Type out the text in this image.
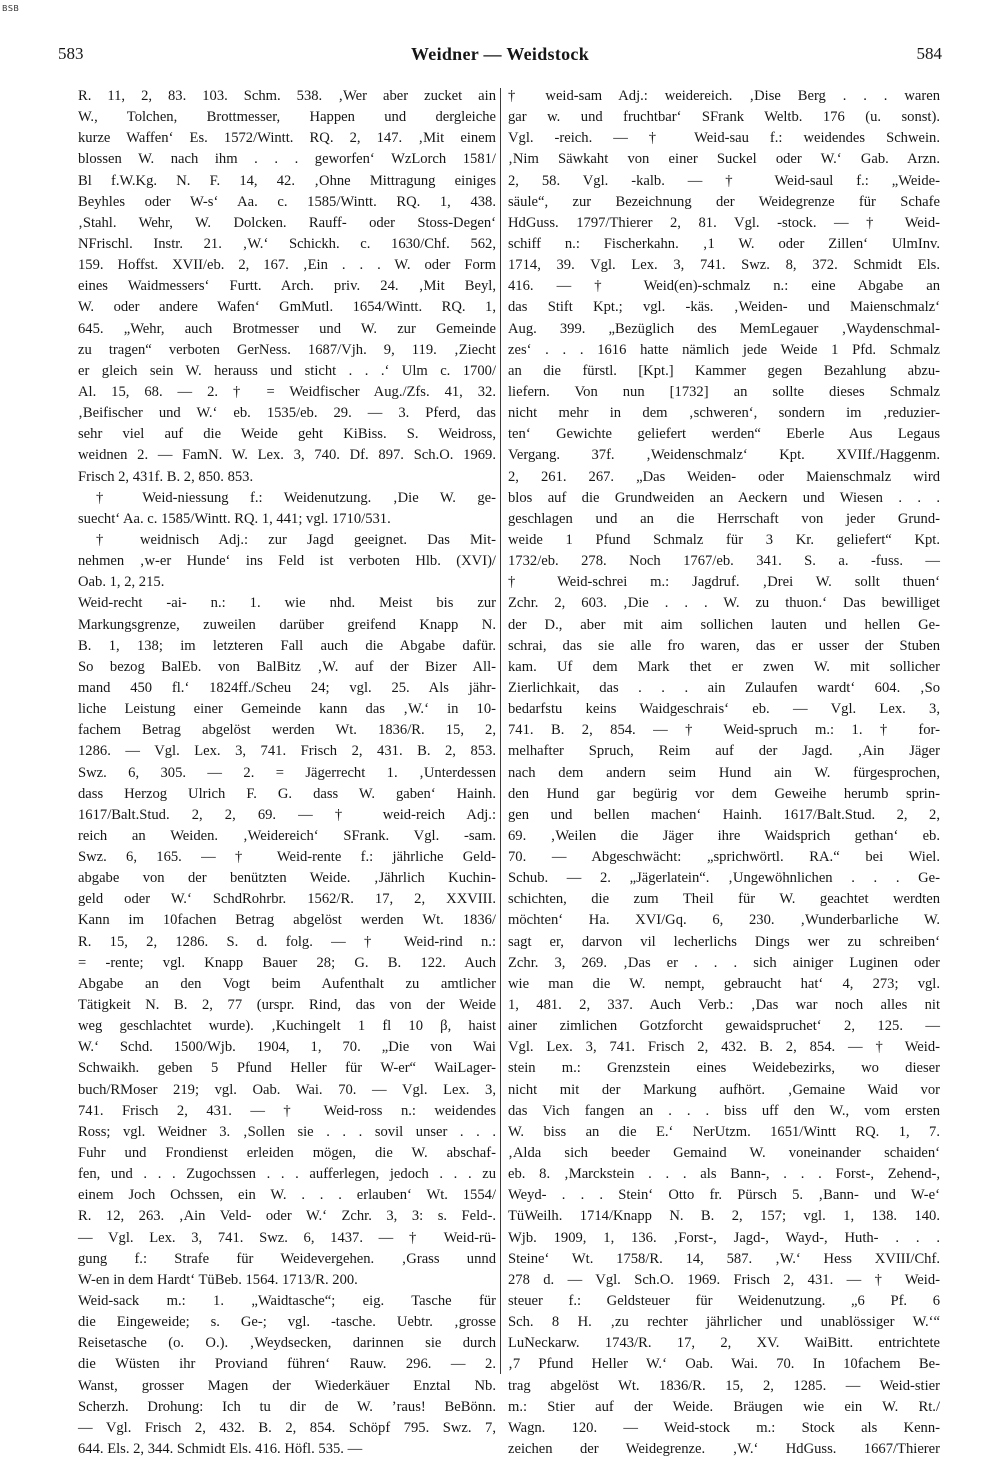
BSB
583	Weidner — Weidstock	584
R. 11, 2, 83. 103. Schm. 538. ‚Wer aber zucket ain
W., Tolchen, Brottmesser, Happen und dergleiche
kurze Waffen‘ Es. 1572/Wintt. RQ. 2, 147. ‚Mit einem
blossen W. nach ihm . . . geworfen‘ WzLorch 1581/
Bl f.W.Kg. N. F. 14, 42. ‚Ohne Mittragung einiges
Beyhles oder W-s‘ Aa. c. 1585/Wintt. RQ. 1, 438.
‚Stahl. Wehr, W. Dolcken. Rauff- oder Stoss-Degen‘
NFrischl. Instr. 21. ‚W.‘ Schickh. c. 1630/Chf. 562,
159. Hoffst. XVII/eb. 2, 167. ‚Ein . . . W. oder Form
eines Waidmessers‘ Furtt. Arch. priv. 24. ‚Mit Beyl,
W. oder andere Wafen‘ GmMutl. 1654/Wintt. RQ. 1,
645. „Wehr, auch Brotmesser und W. zur Gemeinde
zu tragen“ verboten GerNess. 1687/Vjh. 9, 119. ‚Ziecht
er gleich sein W. herauss und sticht . . .‘ Ulm c. 1700/
Al. 15, 68. — 2. † = Weidfischer Aug./Zfs. 41, 32.
‚Beifischer und W.‘ eb. 1535/eb. 29. — 3. Pferd, das
sehr viel auf die Weide geht KiBiss. S. Weidross,
weidnen 2. — FamN. W. Lex. 3, 740. Df. 897. Sch.O. 1969.
Frisch 2, 431f. B. 2, 850. 853.
† Weid-niessung f.: Weidenutzung. ‚Die W. ge-
suecht‘ Aa. c. 1585/Wintt. RQ. 1, 441; vgl. 1710/531.
† weidnisch Adj.: zur Jagd geeignet. Das Mit-
nehmen ‚w-er Hunde‘ ins Feld ist verboten Hlb. (XVI)/
Oab. 1, 2, 215.
Weid-recht -ai- n.: 1. wie nhd. Meist bis zur
Markungsgrenze, zuweilen darüber greifend Knapp N.
B. 1, 138; im letzteren Fall auch die Abgabe dafür.
So bezog BalEb. von BalBitz ‚W. auf der Bizer All-
mand 450 fl.‘ 1824ff./Scheu 24; vgl. 25. Als jähr-
liche Leistung einer Gemeinde kann das ‚W.‘ in 10-
fachem Betrag abgelöst werden Wt. 1836/R. 15, 2,
1286. — Vgl. Lex. 3, 741. Frisch 2, 431. B. 2, 853.
Swz. 6, 305. — 2. = Jägerrecht 1. ‚Unterdessen
dass Herzog Ulrich F. G. dass W. gaben‘ Hainh.
1617/Balt.Stud. 2, 2, 69. — † weid-reich Adj.:
reich an Weiden. ‚Weidereich‘ SFrank. Vgl. -sam.
Swz. 6, 165. — † Weid-rente f.: jährliche Geld-
abgabe von der benützten Weide. ‚Jährlich Kuchin-
geld oder W.‘ SchdRohrbr. 1562/R. 17, 2, XXVIII.
Kann im 10fachen Betrag abgelöst werden Wt. 1836/
R. 15, 2, 1286. S. d. folg. — † Weid-rind n.:
= -rente; vgl. Knapp Bauer 28; G. B. 122. Auch
Abgabe an den Vogt beim Aufenthalt zu amtlicher
Tätigkeit N. B. 2, 77 (urspr. Rind, das von der Weide
weg geschlachtet wurde). ‚Kuchingelt 1 fl 10 β, haist
W.‘ Schd. 1500/Wjb. 1904, 1, 70. „Die von Wai
Schwaikh. geben 5 Pfund Heller für W-er“ WaiLager-
buch/RMoser 219; vgl. Oab. Wai. 70. — Vgl. Lex. 3,
741. Frisch 2, 431. — † Weid-ross n.: weidendes
Ross; vgl. Weidner 3. ‚Sollen sie . . . sovil unser . . .
Fuhr und Frondienst erleiden mögen, die W. abschaf-
fen, und . . . Zugochssen . . . aufferlegen, jedoch . . . zu
einem Joch Ochssen, ein W. . . . erlauben‘ Wt. 1554/
R. 12, 263. ‚Ain Veld- oder W.‘ Zchr. 3, 3: s. Feld-.
— Vgl. Lex. 3, 741. Swz. 6, 1437. — † Weid-rü-
gung f.: Strafe für Weidevergehen. ‚Grass unnd
W-en in dem Hardt‘ TüBeb. 1564. 1713/R. 200.
Weid-sack m.: 1. „Waidtasche“; eig. Tasche für
die Eingeweide; s. Ge-; vgl. -tasche. Uebtr. ‚grosse
Reisetasche (o. O.). ‚Weydsecken, darinnen sie durch
die Wüsten ihr Proviand führen‘ Rauw. 296. — 2.
Wanst, grosser Magen der Wiederkäuer Enztal Nb.
Scherzh. Drohung: Ich tu dir de W. ’raus! BeBönn.
— Vgl. Frisch 2, 432. B. 2, 854. Schöpf 795. Swz. 7,
644. Els. 2, 344. Schmidt Els. 416. Höfl. 535. —
† weid-sam Adj.: weidereich. ‚Dise Berg . . . waren
gar w. und fruchtbar‘ SFrank Weltb. 176 (u. sonst).
Vgl. -reich. — † Weid-sau f.: weidendes Schwein.
‚Nim Säwkaht von einer Suckel oder W.‘ Gab. Arzn.
2, 58. Vgl. -kalb. — † Weid-saul f.: „Weide-
säule“, zur Bezeichnung der Weidegrenze für Schafe
HdGuss. 1797/Thierer 2, 81. Vgl. -stock. — † Weid-
schiff n.: Fischerkahn. ‚1 W. oder Zillen‘ UlmInv.
1714, 39. Vgl. Lex. 3, 741. Swz. 8, 372. Schmidt Els.
416. — † Weid(en)-schmalz n.: eine Abgabe an
das Stift Kpt.; vgl. -käs. ‚Weiden- und Maienschmalz‘
Aug. 399. „Bezüglich des MemLegauer ‚Waydenschmal-
zes‘ . . . 1616 hatte nämlich jede Weide 1 Pfd. Schmalz
an die fürstl. [Kpt.] Kammer gegen Bezahlung abzu-
liefern. Von nun [1732] an sollte dieses Schmalz
nicht mehr in dem ‚schweren‘, sondern im ‚reduzier-
ten‘ Gewichte geliefert werden“ Eberle Aus Legaus
Vergang. 37f. ‚Weidenschmalz‘ Kpt. XVIIf./Haggenm.
2, 261. 267. „Das Weiden- oder Maienschmalz wird
blos auf die Grundweiden an Aeckern und Wiesen . . .
geschlagen und an die Herrschaft von jeder Grund-
weide 1 Pfund Schmalz für 3 Kr. geliefert“ Kpt.
1732/eb. 278. Noch 1767/eb. 341. S. a. -fuss. —
† Weid-schrei m.: Jagdruf. ‚Drei W. sollt thuen‘
Zchr. 2, 603. ‚Die . . . W. zu thuon.‘ Das bewilliget
der D., aber mit aim sollichen lauten und hellen Ge-
schrai, das sie alle fro waren, das er usser der Stuben
kam. Uf dem Mark thet er zwen W. mit sollicher
Zierlichkait, das . . . ain Zulaufen wardt‘ 604. ‚So
bedarfstu keins Waidgeschrais‘ eb. — Vgl. Lex. 3,
741. B. 2, 854. — † Weid-spruch m.: 1. † for-
melhafter Spruch, Reim auf der Jagd. ‚Ain Jäger
nach dem andern seim Hund ain W. fürgesprochen,
den Hund gar begürig vor dem Geweihe herumb sprin-
gen und bellen machen‘ Hainh. 1617/Balt.Stud. 2, 2,
69. ‚Weilen die Jäger ihre Waidsprich gethan‘ eb.
70. — Abgeschwächt: „sprichwörtl. RA.“ bei Wiel.
Schub. — 2. „Jägerlatein“. ‚Ungewöhnlichen . . . Ge-
schichten, die zum Theil für W. geachtet werdten
möchten‘ Ha. XVI/Gq. 6, 230. ‚Wunderbarliche W.
sagt er, darvon vil lecherlichs Dings wer zu schreiben‘
Zchr. 3, 269. ‚Das er . . . sich ainiger Luginen oder
wie man die W. nempt, gebraucht hat‘ 4, 273; vgl.
1, 481. 2, 337. Auch Verb.: ‚Das war noch alles nit
ainer zimlichen Gotzforcht gewaidspruchet‘ 2, 125. —
Vgl. Lex. 3, 741. Frisch 2, 432. B. 2, 854. — † Weid-
stein m.: Grenzstein eines Weidebezirks, wo dieser
nicht mit der Markung aufhört. ‚Gemaine Waid vor
das Vich fangen an . . . biss uff den W., vom ersten
W. biss an die E.‘ NerUtzm. 1651/Wintt RQ. 1, 7.
‚Alda sich beeder Gemaind W. voneinander schaiden‘
eb. 8. ‚Marckstein . . . als Bann-, . . . Forst-, Zehend-,
Weyd- . . . Stein‘ Otto fr. Pürsch 5. ‚Bann- und W-e‘
TüWeilh. 1714/Knapp N. B. 2, 157; vgl. 1, 138. 140.
Wjb. 1909, 1, 136. ‚Forst-, Jagd-, Wayd-, Huth- . . .
Steine‘ Wt. 1758/R. 14, 587. ‚W.‘ Hess XVIII/Chf.
278 d. — Vgl. Sch.O. 1969. Frisch 2, 431. — † Weid-
steuer f.: Geldsteuer für Weidenutzung. „6 Pf. 6
Sch. 8 H. ‚zu rechter jährlicher und unablössiger W.‘“
LuNeckarw. 1743/R. 17, 2, XV. WaiBitt. entrichtete
‚7 Pfund Heller W.‘ Oab. Wai. 70. In 10fachem Be-
trag abgelöst Wt. 1836/R. 15, 2, 1285. — Weid-stier
m.: Stier auf der Weide. Bräugen wie ein W. Rt./
Wagn. 120. — Weid-stock m.: Stock als Kenn-
zeichen der Weidegrenze. ‚W.‘ HdGuss. 1667/Thierer
